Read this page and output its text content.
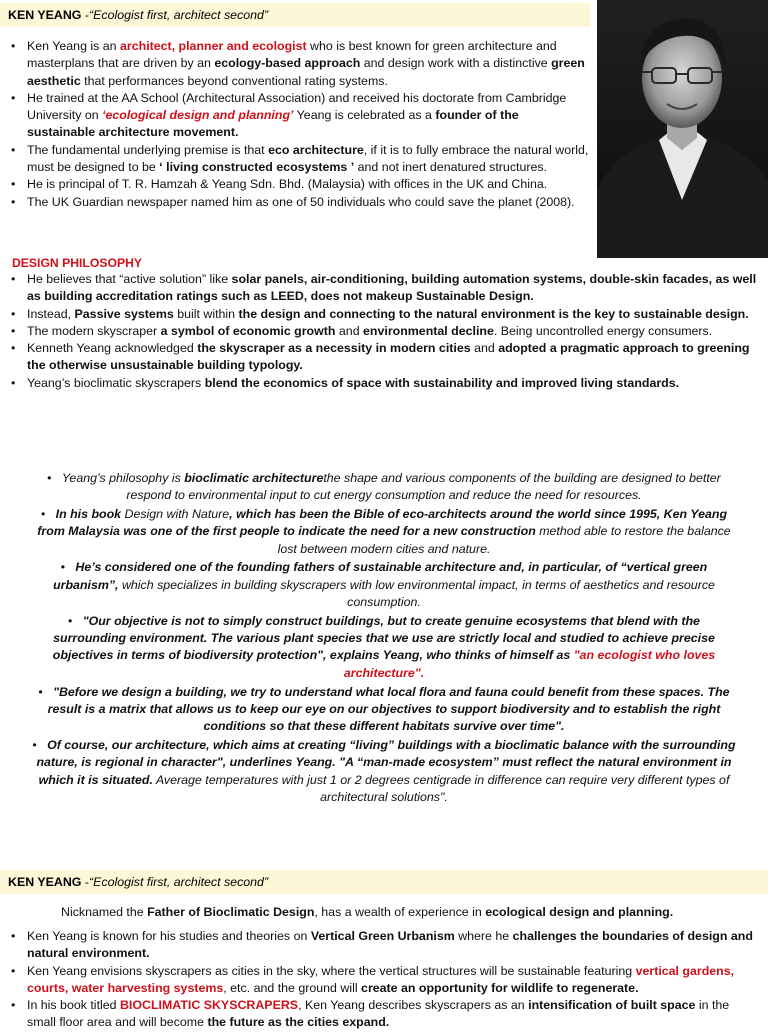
KEN YEANG -“Ecologist first, architect second”
• Ken Yeang is an architect, planner and ecologist who is best known for green architecture and masterplans that are driven by an ecology-based approach and design work with a distinctive green aesthetic that performances beyond conventional rating systems.
• He trained at the AA School (Architectural Association) and received his doctorate from Cambridge University on ‘ecological design and planning’ Yeang is celebrated as a founder of the sustainable architecture movement.
• The fundamental underlying premise is that eco architecture, if it is to fully embrace the natural world, must be designed to be ‘ living constructed ecosystems ’ and not inert denatured structures.
• He is principal of T. R. Hamzah & Yeang Sdn. Bhd. (Malaysia) with offices in the UK and China.
• The UK Guardian newspaper named him as one of 50 individuals who could save the planet (2008).
DESIGN PHILOSOPHY
• He believes that “active solution” like solar panels, air-conditioning, building automation systems, double-skin facades, as well as building accreditation ratings such as LEED, does not makeup Sustainable Design.
• Instead, Passive systems built within the design and connecting to the natural environment is the key to sustainable design.
• The modern skyscraper a symbol of economic growth and environmental decline. Being uncontrolled energy consumers.
• Kenneth Yeang acknowledged the skyscraper as a necessity in modern cities and adopted a pragmatic approach to greening the otherwise unsustainable building typology.
• Yeang’s bioclimatic skyscrapers blend the economics of space with sustainability and improved living standards.

•   Yeang’s philosophy is bioclimatic architecturethe shape and various components of the building are designed to better respond to environmental input to cut energy consumption and reduce the need for resources.

•   In his book Design with Nature, which has been the Bible of eco-architects around the world since 1995, Ken Yeang from Malaysia was one of the first people to indicate the need for a new construction method able to restore the balance lost between modern cities and nature.

•   He’s considered one of the founding fathers of sustainable architecture and, in particular, of “vertical green urbanism”, which specializes in building skyscrapers with low environmental impact, in terms of aesthetics and resource consumption.

•   "Our objective is not to simply construct buildings, but to create genuine ecosystems that blend with the surrounding environment. The various plant species that we use are strictly local and studied to achieve precise objectives in terms of biodiversity protection", explains Yeang, who thinks of himself as "an ecologist who loves architecture".

•   "Before we design a building, we try to understand what local flora and fauna could benefit from these spaces. The result is a matrix that allows us to keep our eye on our objectives to support biodiversity and to establish the right conditions so that these different habitats survive over time".

•   Of course, our architecture, which aims at creating “living” buildings with a bioclimatic balance with the surrounding nature, is regional in character", underlines Yeang. "A “man-made ecosystem” must reflect the natural environment in which it is situated. Average temperatures with just 1 or 2 degrees centigrade in difference can require very different types of architectural solutions".

KEN YEANG -“Ecologist first, architect second”
Nicknamed the Father of Bioclimatic Design, has a wealth of experience in ecological design and planning.
• Ken Yeang is known for his studies and theories on Vertical Green Urbanism where he challenges the boundaries of design and natural environment.
• Ken Yeang envisions skyscrapers as cities in the sky, where the vertical structures will be sustainable featuring vertical gardens, courts, water harvesting systems, etc. and the ground will create an opportunity for wildlife to regenerate.
• In his book titled BIOCLIMATIC SKYSCRAPERS, Ken Yeang describes skyscrapers as an intensification of built space in the small floor area and will become the future as the cities expand.
